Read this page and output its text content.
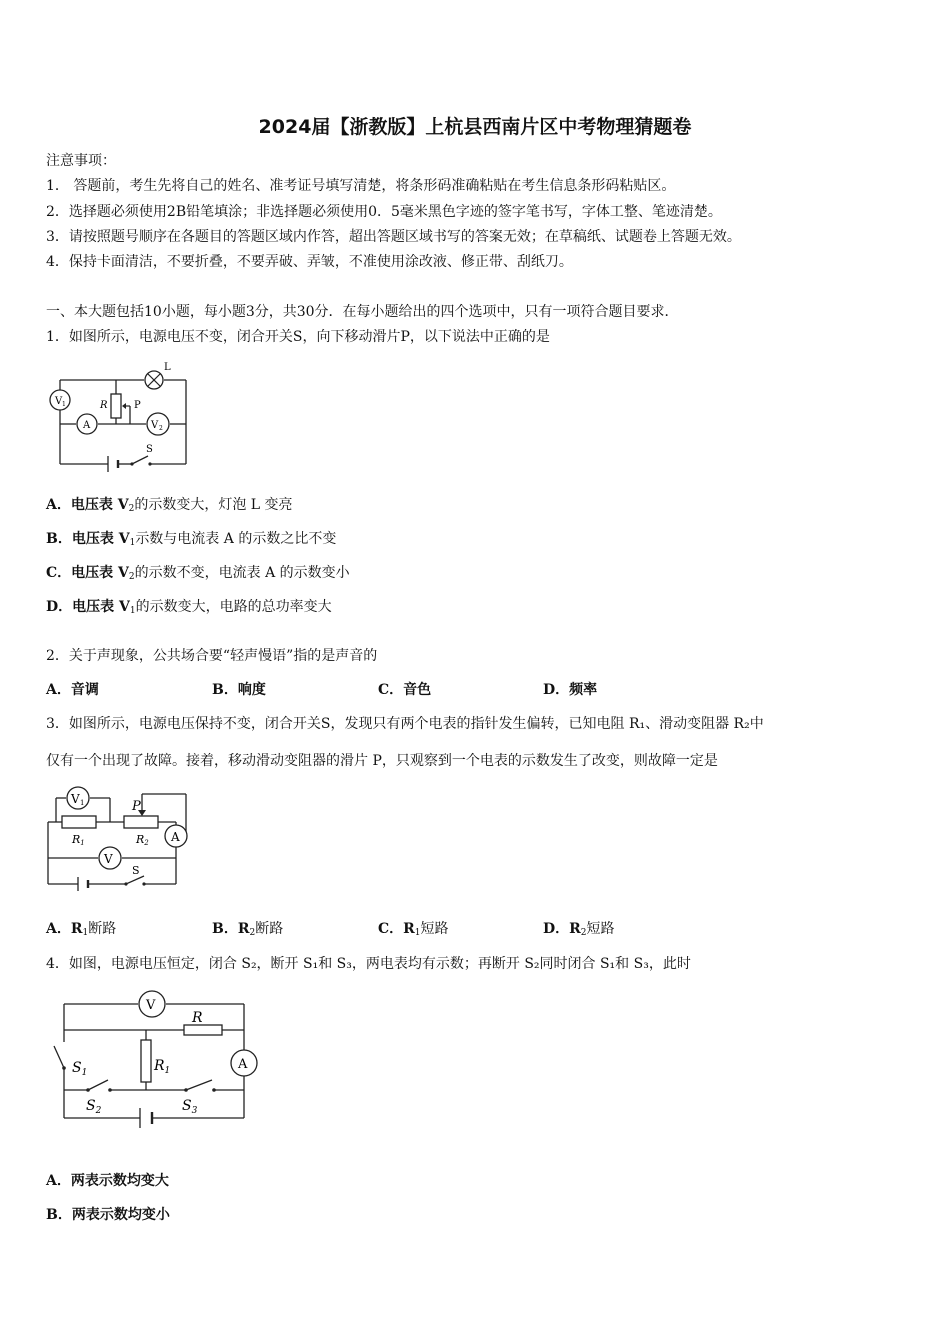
2024届【浙教版】上杭县西南片区中考物理猜题卷
注意事项：
1． 答题前，考生先将自己的姓名、准考证号填写清楚，将条形码准确粘贴在考生信息条形码粘贴区。
2．选择题必须使用2B铅笔填涂；非选择题必须使用0．5毫米黑色字迹的签字笔书写，字体工整、笔迹清楚。
3．请按照题号顺序在各题目的答题区域内作答，超出答题区域书写的答案无效；在草稿纸、试题卷上答题无效。
4．保持卡面清洁，不要折叠，不要弄破、弄皱，不准使用涂改液、修正带、刮纸刀。
一、本大题包括10小题，每小题3分，共30分．在每小题给出的四个选项中，只有一项符合题目要求．
1．如图所示，电源电压不变，闭合开关S，向下移动滑片P，以下说法中正确的是
L
R	P
V 1
A	V 2
S
A．电压表 $V_2$的示数变大，灯泡 L 变亮
B．电压表 $V_1$示数与电流表 A 的示数之比不变
C．电压表 $V_2$的示数不变，电流表 A 的示数变小
D．电压表 $V_1$的示数变大，电路的总功率变大
2．关于声现象，公共场合要“轻声慢语”指的是声音的
A．音调	B．响度	C．音色	D．频率
3．如图所示，电源电压保持不变，闭合开关S，发现只有两个电表的指针发生偏转，已知电阻 R₁、滑动变阻器 R₂中
仅有一个出现了故障。接着，移动滑动变阻器的滑片 P，只观察到一个电表的示数发生了改变，则故障一定是
P
V 1
R1	R2 A
V
S
A．$R_1$断路	B．$R_2$断路	C．$R_1$短路	D．$R_2$短路
4．如图，电源电压恒定，闭合 S₂，断开 S₁和 S₃，两电表均有示数；再断开 S₂同时闭合 S₁和 S₃，此时
V
R
A
$R_1$
$S_1$
$S_2$	$S_3$
A．两表示数均变大
B．两表示数均变小
